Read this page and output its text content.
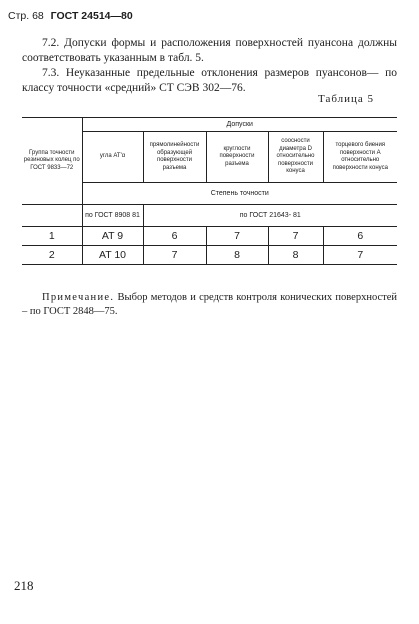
Стр. 68 ГОСТ 24514—80
7.2. Допуски формы и расположения поверхностей пуансона должны соответствовать указанным в табл. 5.
7.3. Неуказанные предельные отклонения размеров пуансонов— по классу точности «средний» СТ СЭВ 302—76.
Таблица 5
Группа точности резиновых колец по ГОСТ 9833—72	Допуски				
	угла АТ'α	прямолинейности образующей поверхности разъема	круглости поверхности разъема	соосности диаметра D относительно поверхности конуса	торцевого биения поверхности А относительно поверхности конуса
	Степень точности				
	по ГОСТ 8908 81	по ГОСТ 21643- 81			
1	AT 9	6	7	7	6
2	AT 10	7	8	8	7
Примечание. Выбор методов и средств контроля конических поверхностей – по ГОСТ 2848—75.
218
